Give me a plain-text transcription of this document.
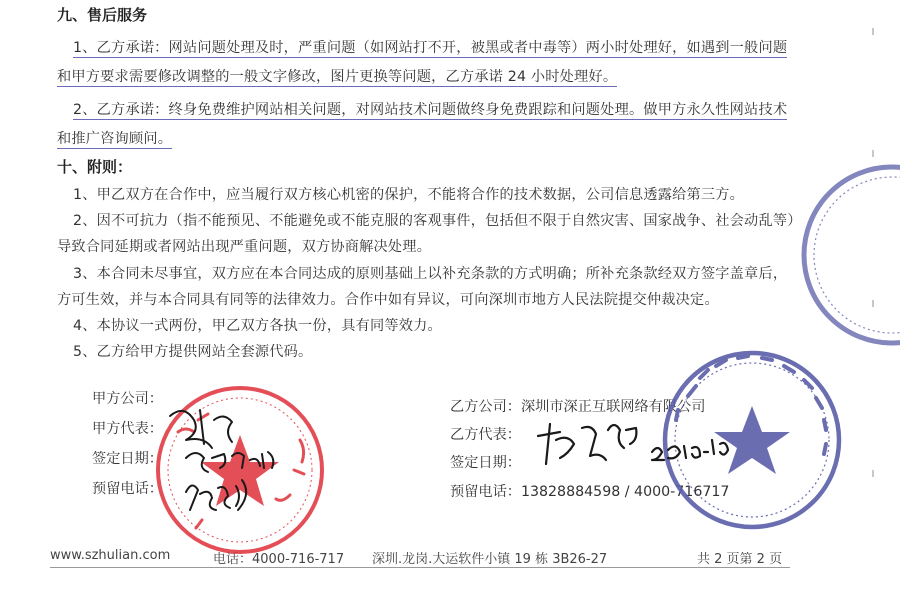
九、售后服务
1、乙方承诺：网站问题处理及时，严重问题（如网站打不开，被黑或者中毒等）两小时处理好，如遇到一般问题
和甲方要求需要修改调整的一般文字修改，图片更换等问题，乙方承诺 24 小时处理好。
2、乙方承诺：终身免费维护网站相关问题，对网站技术问题做终身免费跟踪和问题处理。做甲方永久性网站技术
和推广咨询顾问。
十、附则：
1、甲乙双方在合作中，应当履行双方核心机密的保护，不能将合作的技术数据，公司信息透露给第三方。
2、因不可抗力（指不能预见、不能避免或不能克服的客观事件，包括但不限于自然灾害、国家战争、社会动乱等）
导致合同延期或者网站出现严重问题，双方协商解决处理。
3、本合同未尽事宜，双方应在本合同达成的原则基础上以补充条款的方式明确；所补充条款经双方签字盖章后，
方可生效，并与本合同具有同等的法律效力。合作中如有异议，可向深圳市地方人民法院提交仲裁决定。
4、本协议一式两份，甲乙双方各执一份，具有同等效力。
5、乙方给甲方提供网站全套源代码。
甲方公司：
甲方代表：
签定日期：
预留电话：
乙方公司：深圳市深正互联网络有限公司
乙方代表：
签定日期：
预留电话：13828884598 / 4000-716717
www.szhulian.com	电话：4000-716-717 深圳.龙岗.大运软件小镇 19 栋 3B26-27	共 2 页第 2 页
